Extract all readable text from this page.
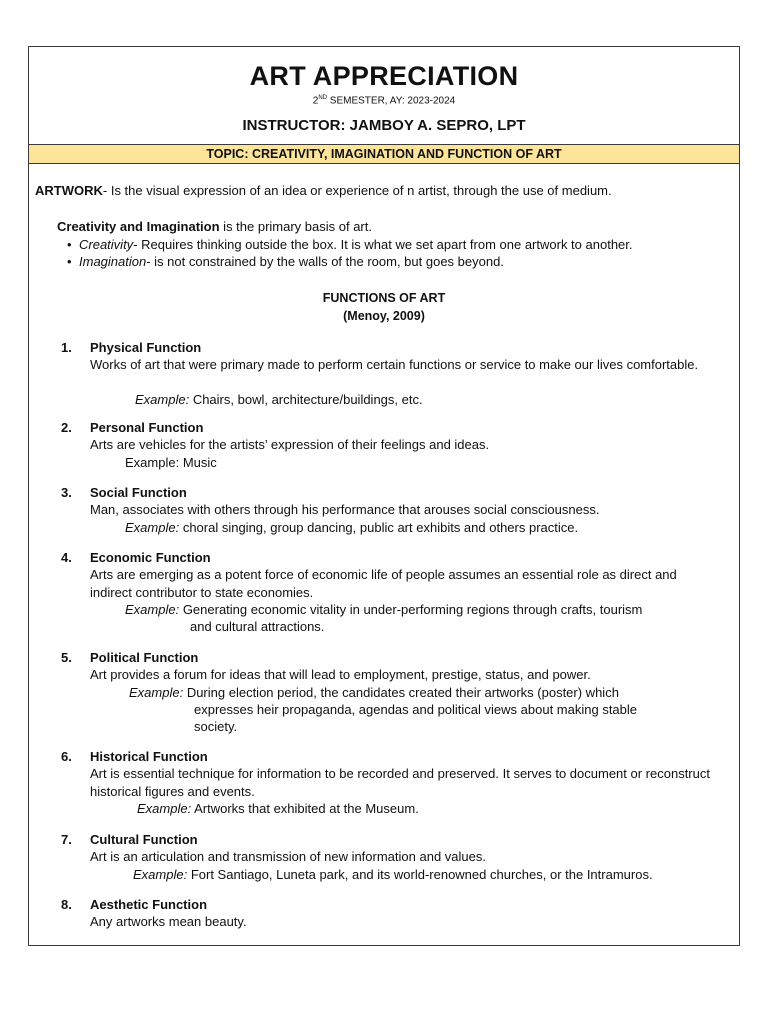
ART APPRECIATION
2ND SEMESTER, AY: 2023-2024
INSTRUCTOR: JAMBOY A. SEPRO, LPT
TOPIC: CREATIVITY, IMAGINATION AND FUNCTION OF ART
ARTWORK- Is the visual expression of an idea or experience of n artist, through the use of medium.
Creativity and Imagination is the primary basis of art.
• Creativity- Requires thinking outside the box. It is what we set apart from one artwork to another.
• Imagination- is not constrained by the walls of the room, but goes beyond.
FUNCTIONS OF ART
(Menoy, 2009)
1. Physical Function
Works of art that were primary made to perform certain functions or service to make our lives comfortable.
Example: Chairs, bowl, architecture/buildings, etc.
2. Personal Function
Arts are vehicles for the artists’ expression of their feelings and ideas.
Example: Music
3. Social Function
Man, associates with others through his performance that arouses social consciousness.
Example: choral singing, group dancing, public art exhibits and others practice.
4. Economic Function
Arts are emerging as a potent force of economic life of people assumes an essential role as direct and indirect contributor to state economies.
Example: Generating economic vitality in under-performing regions through crafts, tourism
and cultural attractions.
5. Political Function
Art provides a forum for ideas that will lead to employment, prestige, status, and power.
Example: During election period, the candidates created their artworks (poster) which
expresses heir propaganda, agendas and political views about making stable
society.
6. Historical Function
Art is essential technique for information to be recorded and preserved. It serves to document or reconstruct historical figures and events.
Example: Artworks that exhibited at the Museum.
7. Cultural Function
Art is an articulation and transmission of new information and values.
Example: Fort Santiago, Luneta park, and its world-renowned churches, or the Intramuros.
8. Aesthetic Function
Any artworks mean beauty.
